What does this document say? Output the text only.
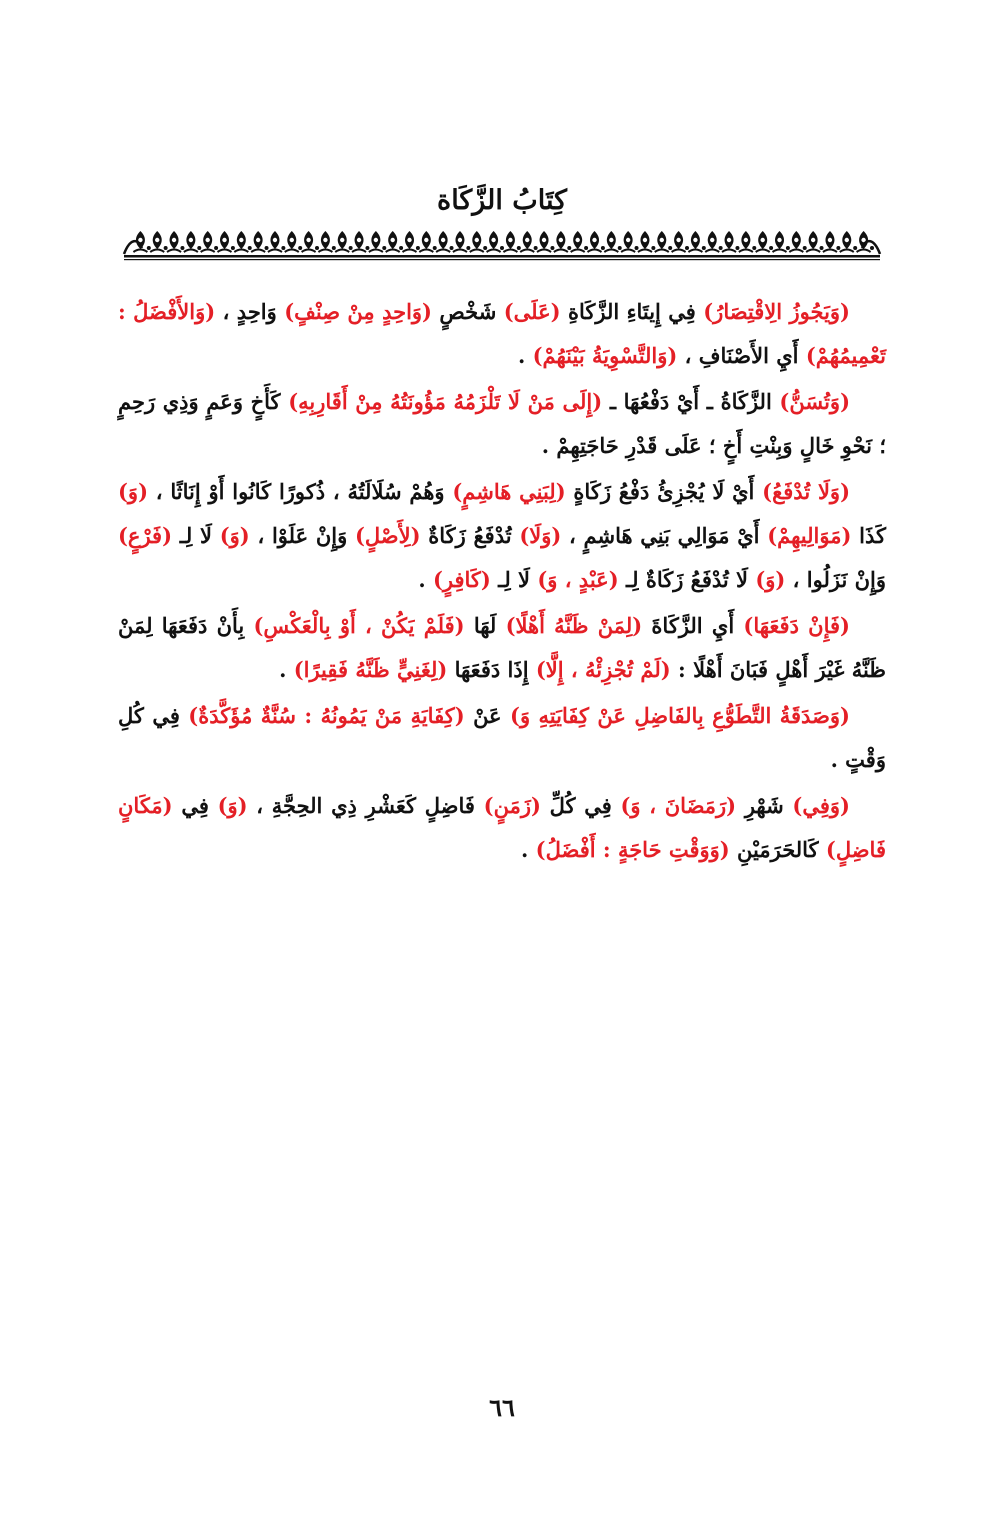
كِتَابُ الزَّكَاة

(وَيَجُوزُ الِاقْتِصَارُ) فِي إِيتَاءِ الزَّكَاةِ (عَلَى) شَخْصٍ (وَاحِدٍ مِنْ صِنْفٍ) وَاحِدٍ ، (وَالأَفْضَلُ : تَعْمِيمُهُمْ) أَيِ الأَصْنَافِ ، (وَالتَّسْوِيَةُ بَيْنَهُمْ) .

(وَتُسَنُّ) الزَّكَاةُ ـ أَيْ دَفْعُهَا ـ (إِلَى مَنْ لَا تَلْزَمُهُ مَؤُونَتُهُ مِنْ أَقَارِبِهِ) كَأَخٍ وَعَمٍ وَذِي رَحِمٍ ؛ نَحْوِ خَالٍ وَبِنْتِ أَخٍ ؛ عَلَى قَدْرِ حَاجَتِهِمْ .

(وَلَا تُدْفَعُ) أَيْ لَا يُجْزِئُ دَفْعُ زَكَاةٍ (لِبَنِي هَاشِمٍ) وَهُمْ سُلَالَتُهُ ، ذُكورًا كَانُوا أَوْ إِنَاثًا ، (وَ) كَذَا (مَوَالِيهِمْ) أَيْ مَوَالِي بَنِي هَاشِمٍ ، (وَلَا) تُدْفَعُ زَكَاةٌ (لِأَصْلٍ) وَإِنْ عَلَوْا ، (وَ) لَا لِـ (فَرْعٍ) وَإِنْ نَزَلُوا ، (وَ) لَا تُدْفَعُ زَكَاةٌ لِـ (عَبْدٍ ، وَ) لَا لِـ (كَافِرٍ) .

(فَإِنْ دَفَعَهَا) أَيِ الزَّكَاةَ (لِمَنْ ظَنَّهُ أَهْلًا) لَهَا (فَلَمْ يَكُنْ ، أَوْ بِالْعَكْسِ) بِأَنْ دَفَعَهَا لِمَنْ ظَنَّهُ غَيْرَ أَهْلٍ فَبَانَ أَهْلًا : (لَمْ تُجْزِئْهُ ، إِلَّا) إِذَا دَفَعَهَا (لِغَنِيٍّ ظَنَّهُ فَقِيرًا) .

(وَصَدَقَةُ التَّطَوُّعِ بِالفَاضِلِ عَنْ كِفَايَتِهِ وَ) عَنْ (كِفَايَةِ مَنْ يَمُونُهُ : سُنَّةٌ مُؤَكَّدَةٌ) فِي كُلِ وَقْتٍ .

(وَفِي) شَهْرِ (رَمَضَانَ ، وَ) فِي كُلِّ (زَمَنٍ) فَاضِلٍ كَعَشْرِ ذِي الحِجَّةِ ، (وَ) فِي (مَكَانٍ فَاضِلٍ) كَالحَرَمَيْنِ (وَوَقْتِ حَاجَةٍ : أَفْضَلُ) .

٦٦
